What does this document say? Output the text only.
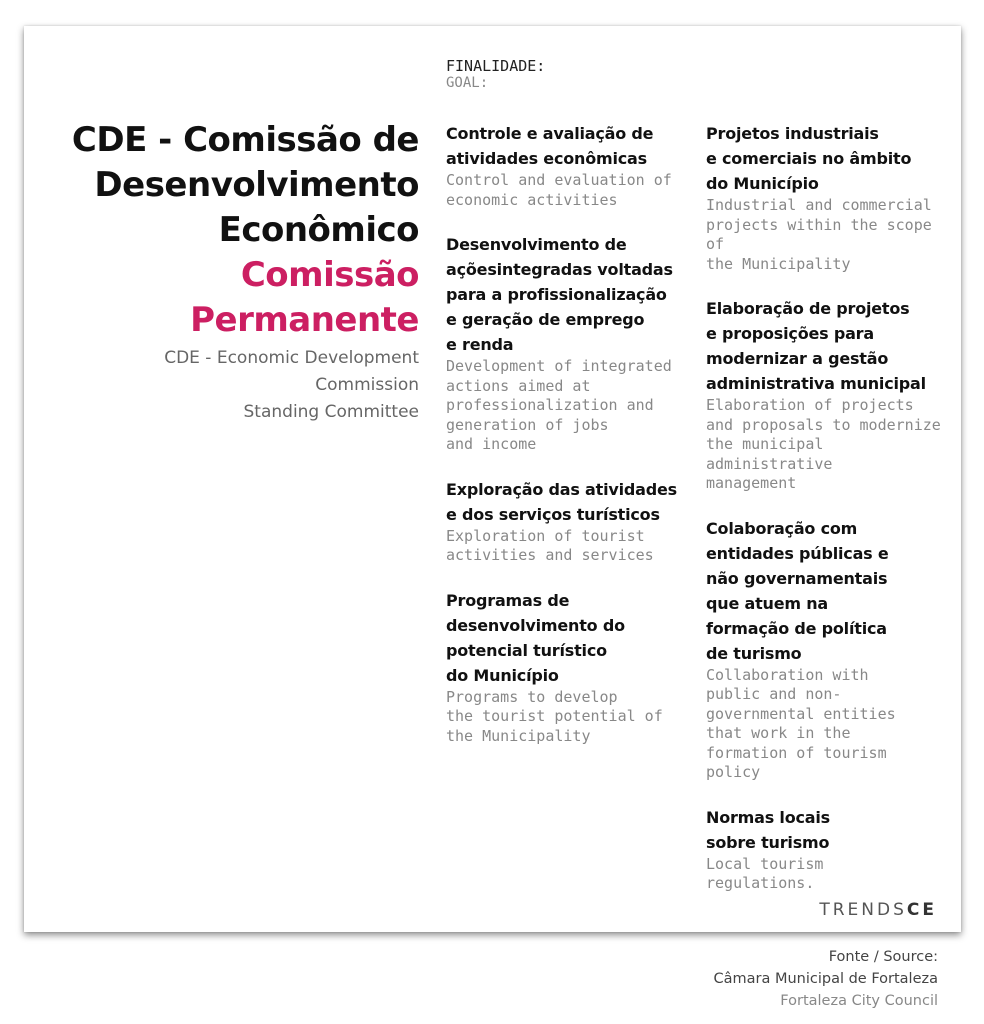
CDE - Comissão de
Desenvolvimento
Econômico
Comissão
Permanente
CDE - Economic Development
Commission
Standing Committee
FINALIDADE:
GOAL:
Controle e avaliação de
atividades econômicas
Control and evaluation of
economic activities
Desenvolvimento de
açõesintegradas voltadas
para a profissionalização
e geração de emprego
e renda
Development of integrated
actions aimed at
professionalization and
generation of jobs
and income
Exploração das atividades
e dos serviços turísticos
Exploration of tourist
activities and services
Programas de
desenvolvimento do
potencial turístico
do Município
Programs to develop
the tourist potential of
the Municipality
Projetos industriais
e comerciais no âmbito
do Município
Industrial and commercial
projects within the scope of
the Municipality
Elaboração de projetos
e proposições para
modernizar a gestão
administrativa municipal
Elaboration of projects
and proposals to modernize
the municipal administrative
management
Colaboração com
entidades públicas e
não governamentais
que atuem na
formação de política
de turismo
Collaboration with
public and non-
governmental entities
that work in the
formation of tourism
policy
Normas locais
sobre turismo
Local tourism
regulations.
TRENDSCE
Fonte / Source:
Câmara Municipal de Fortaleza
Fortaleza City Council
